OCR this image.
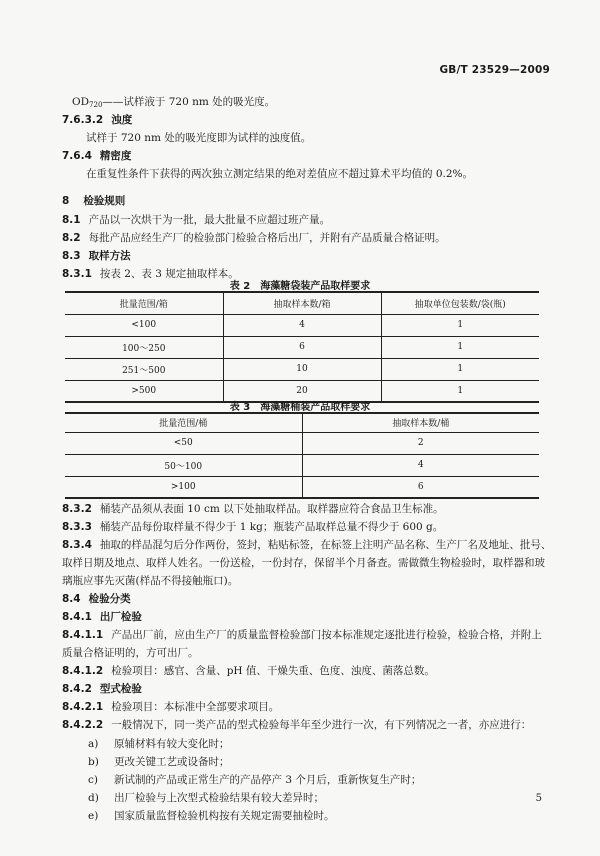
GB/T 23529—2009
$OD_{720}——$试样液于 720 nm 处的吸光度。
7.6.3.2 浊度
试样于 720 nm 处的吸光度即为试样的浊度值。
7.6.4 精密度
在重复性条件下获得的两次独立测定结果的绝对差值应不超过算术平均值的 0.2%。
8 检验规则
8.1 产品以一次烘干为一批，最大批量不应超过班产量。
8.2 每批产品应经生产厂的检验部门检验合格后出厂，并附有产品质量合格证明。
8.3 取样方法
8.3.1 按表 2、表 3 规定抽取样本。
表 2　海藻糖袋装产品取样要求
批量范围/箱	抽取样本数/箱	抽取单位包装数/袋(瓶)
<100	4	1
100～250	6	1
251～500	10	1
>500	20	1
表 3　海藻糖桶装产品取样要求
批量范围/桶	抽取样本数/桶
<50	2
50～100	4
>100	6
8.3.2 桶装产品须从表面 10 cm 以下处抽取样品。取样器应符合食品卫生标准。
8.3.3 桶装产品每份取样量不得少于 1 kg；瓶装产品取样总量不得少于 600 g。
8.3.4 抽取的样品混匀后分作两份，签封，粘贴标签，在标签上注明产品名称、生产厂名及地址、批号、
取样日期及地点、取样人姓名。一份送检，一份封存，保留半个月备查。需做微生物检验时，取样器和玻
璃瓶应事先灭菌(样品不得接触瓶口)。
8.4 检验分类
8.4.1 出厂检验
8.4.1.1 产品出厂前，应由生产厂的质量监督检验部门按本标准规定逐批进行检验，检验合格，并附上
质量合格证明的，方可出厂。
8.4.1.2 检验项目：感官、含量、pH 值、干燥失重、色度、浊度、菌落总数。
8.4.2 型式检验
8.4.2.1 检验项目：本标准中全部要求项目。
8.4.2.2 一般情况下，同一类产品的型式检验每半年至少进行一次，有下列情况之一者，亦应进行：
a) 原辅材料有较大变化时；
b) 更改关键工艺或设备时；
c) 新试制的产品或正常生产的产品停产 3 个月后，重新恢复生产时；
d) 出厂检验与上次型式检验结果有较大差异时；
e) 国家质量监督检验机构按有关规定需要抽检时。
5
